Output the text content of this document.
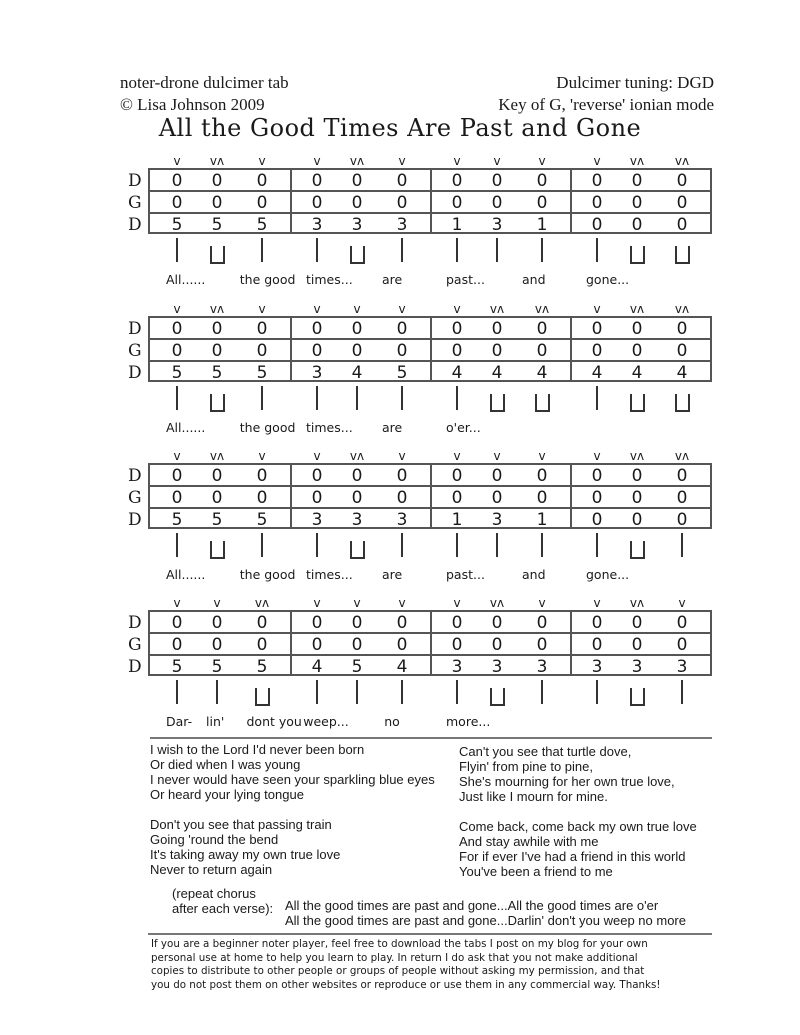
noter-drone dulcimer tab
© Lisa Johnson 2009
Dulcimer tuning: DGD
Key of G, 'reverse' ionian mode
All the Good Times Are Past and Gone
v vʌ	v	v vʌ	v	v	v	v	v vʌ	vʌ
D
G
D
0 0 0	0 0 0	0 0 0	0 0 0
0 0 0	0 0 0	0 0 0	0 0 0
5 5 5	3 3 3	1 3 1	0 0 0
All......	the good times... are	past...	and	gone...
v vʌ	v	v	v	v	v vʌ	vʌ	v vʌ	vʌ
D
G
D
0 0 0	0 0 0	0 0 0	0 0 0
0 0 0	0 0 0	0 0 0	0 0 0
5 5 5	3 4 5	4 4 4	4 4 4
All......	the good times... are	o'er...
v vʌ	v	v vʌ	v	v	v	v	v vʌ	vʌ
D
G
D
0 0 0	0 0 0	0 0 0	0 0 0
0 0 0	0 0 0	0 0 0	0 0 0
5 5 5	3 3 3	1 3 1	0 0 0
All......	the good times... are	past...	and	gone...
v	v	vʌ	v	v	v	v vʌ	v	v vʌ	v
D
G
D
0 0 0	0 0 0	0 0 0	0 0 0
0 0 0	0 0 0	0 0 0	0 0 0
5 5 5	4 5 4	3 3 3	3 3 3
Dar- lin' dont you weep...	no	more...
I wish to the Lord I'd never been born
Or died when I was young
I never would have seen your sparkling blue eyes
Or heard your lying tongue
Don't you see that passing train
Going 'round the bend
It's taking away my own true love
Never to return again
Can't you see that turtle dove,
Flyin' from pine to pine,
She's mourning for her own true love,
Just like I mourn for mine.
Come back, come back my own true love
And stay awhile with me
For if ever I've had a friend in this world
You've been a friend to me
(repeat chorus
after each verse): All the good times are past and gone...All the good times are o'er
All the good times are past and gone...Darlin' don't you weep no more
If you are a beginner noter player, feel free to download the tabs I post on my blog for your own
personal use at home to help you learn to play. In return I do ask that you not make additional
copies to distribute to other people or groups of people without asking my permission, and that
you do not post them on other websites or reproduce or use them in any commercial way. Thanks!
